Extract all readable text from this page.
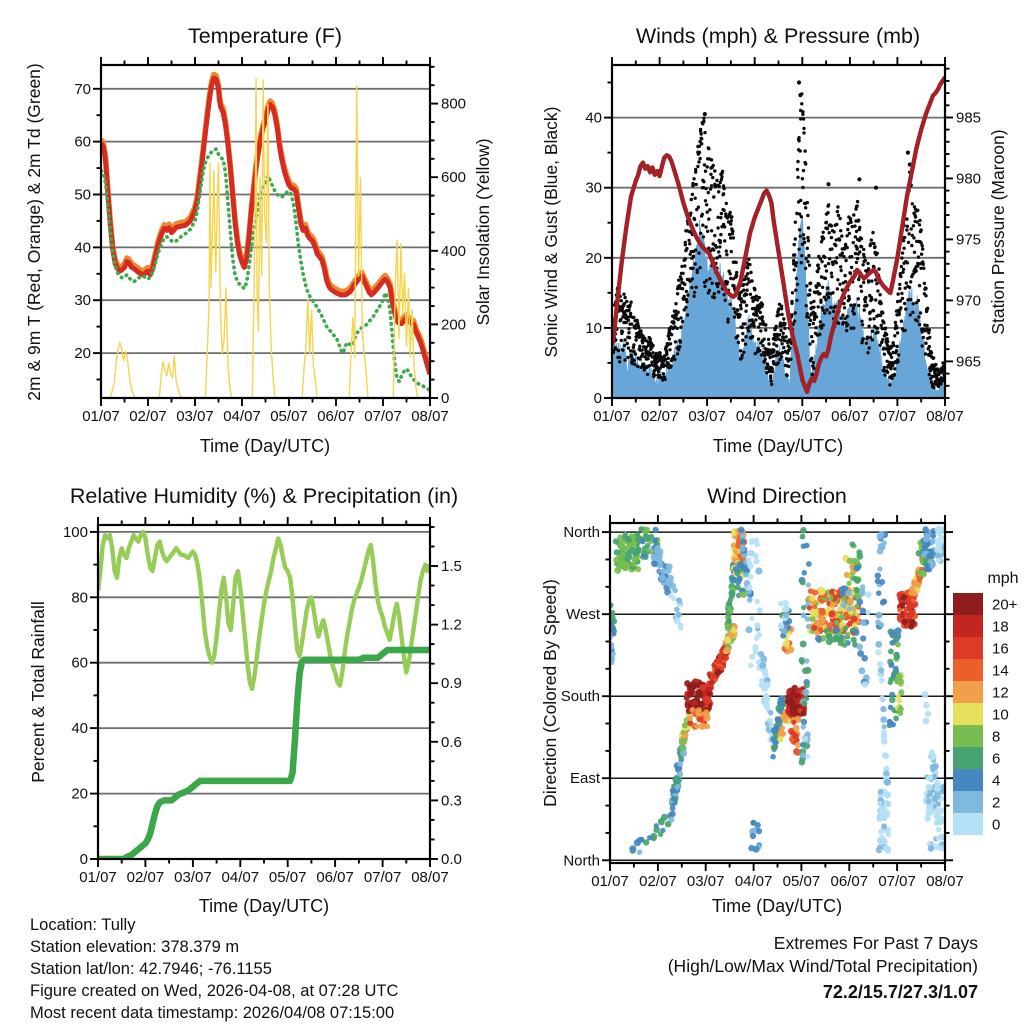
01/07 02/07 03/07 04/07 05/07 06/07 07/07 08/07
20
30
40
50
60
70
0
200
400
600
800
01/07 02/07 03/07 04/07 05/07 06/07 07/07 08/07
0
10
20
30
40
965
970
975
980
985
01/07 02/07 03/07 04/07 05/07 06/07 07/07 08/07
0
20
40
60
80
100
0.0
0.3
0.6
0.9
1.2
1.5
01/07 02/07 03/07 04/07 05/07 06/07 07/07 08/07
North
West
South
East
North
20+
18
16
14
12
10
8
6
4
2
0
Temperature (F)	Winds (mph) & Pressure (mb)
Relative Humidity (%) & Precipitation (in)	Wind Direction
Time (Day/UTC)	Time (Day/UTC)
Time (Day/UTC)	Time (Day/UTC)
2m & 9m T (Red, Orange) & 2m Td (Green)	Solar Insolation (Yellow)	Sonic Wind & Gust (Blue, Black)	Station Pressure (Maroon)
Percent & Total Rainfall	Direction (Colored By Speed)
mph
Location: Tully
Station elevation: 378.379 m
Station lat/lon: 42.7946; -76.1155
Figure created on Wed, 2026-04-08, at 07:28 UTC
Most recent data timestamp: 2026/04/08 07:15:00
Extremes For Past 7 Days
(High/Low/Max Wind/Total Precipitation)
72.2/15.7/27.3/1.07
